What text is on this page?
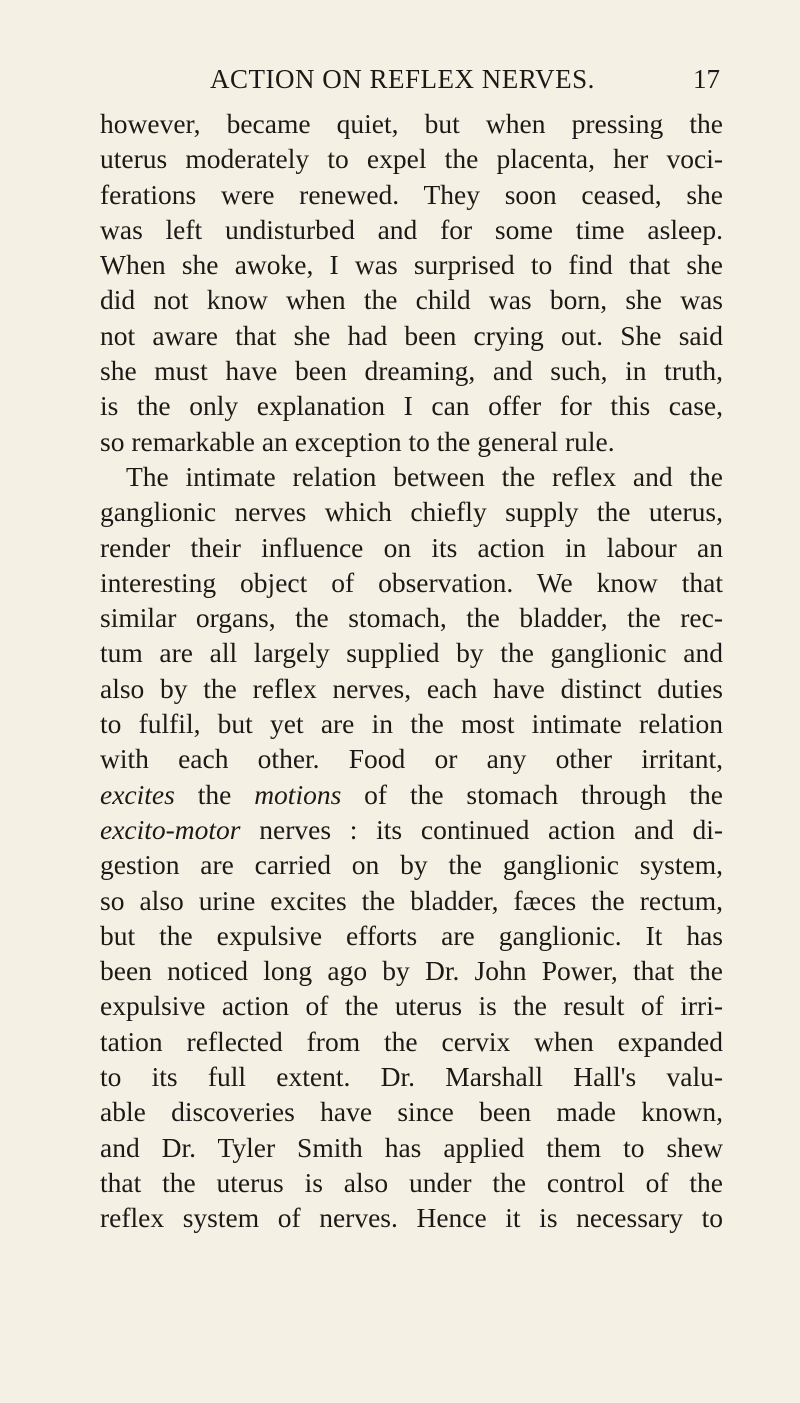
ACTION ON REFLEX NERVES.	17
however, became quiet, but when pressing the
uterus moderately to expel the placenta, her voci-
ferations were renewed. They soon ceased, she
was left undisturbed and for some time asleep.
When she awoke, I was surprised to find that she
did not know when the child was born, she was
not aware that she had been crying out. She said
she must have been dreaming, and such, in truth,
is the only explanation I can offer for this case,
so remarkable an exception to the general rule.
The intimate relation between the reflex and the
ganglionic nerves which chiefly supply the uterus,
render their influence on its action in labour an
interesting object of observation. We know that
similar organs, the stomach, the bladder, the rec-
tum are all largely supplied by the ganglionic and
also by the reflex nerves, each have distinct duties
to fulfil, but yet are in the most intimate relation
with each other. Food or any other irritant,
excites the motions of the stomach through the
excito-motor nerves : its continued action and di-
gestion are carried on by the ganglionic system,
so also urine excites the bladder, fæces the rectum,
but the expulsive efforts are ganglionic. It has
been noticed long ago by Dr. John Power, that the
expulsive action of the uterus is the result of irri-
tation reflected from the cervix when expanded
to its full extent. Dr. Marshall Hall's valu-
able discoveries have since been made known,
and Dr. Tyler Smith has applied them to shew
that the uterus is also under the control of the
reflex system of nerves. Hence it is necessary to
